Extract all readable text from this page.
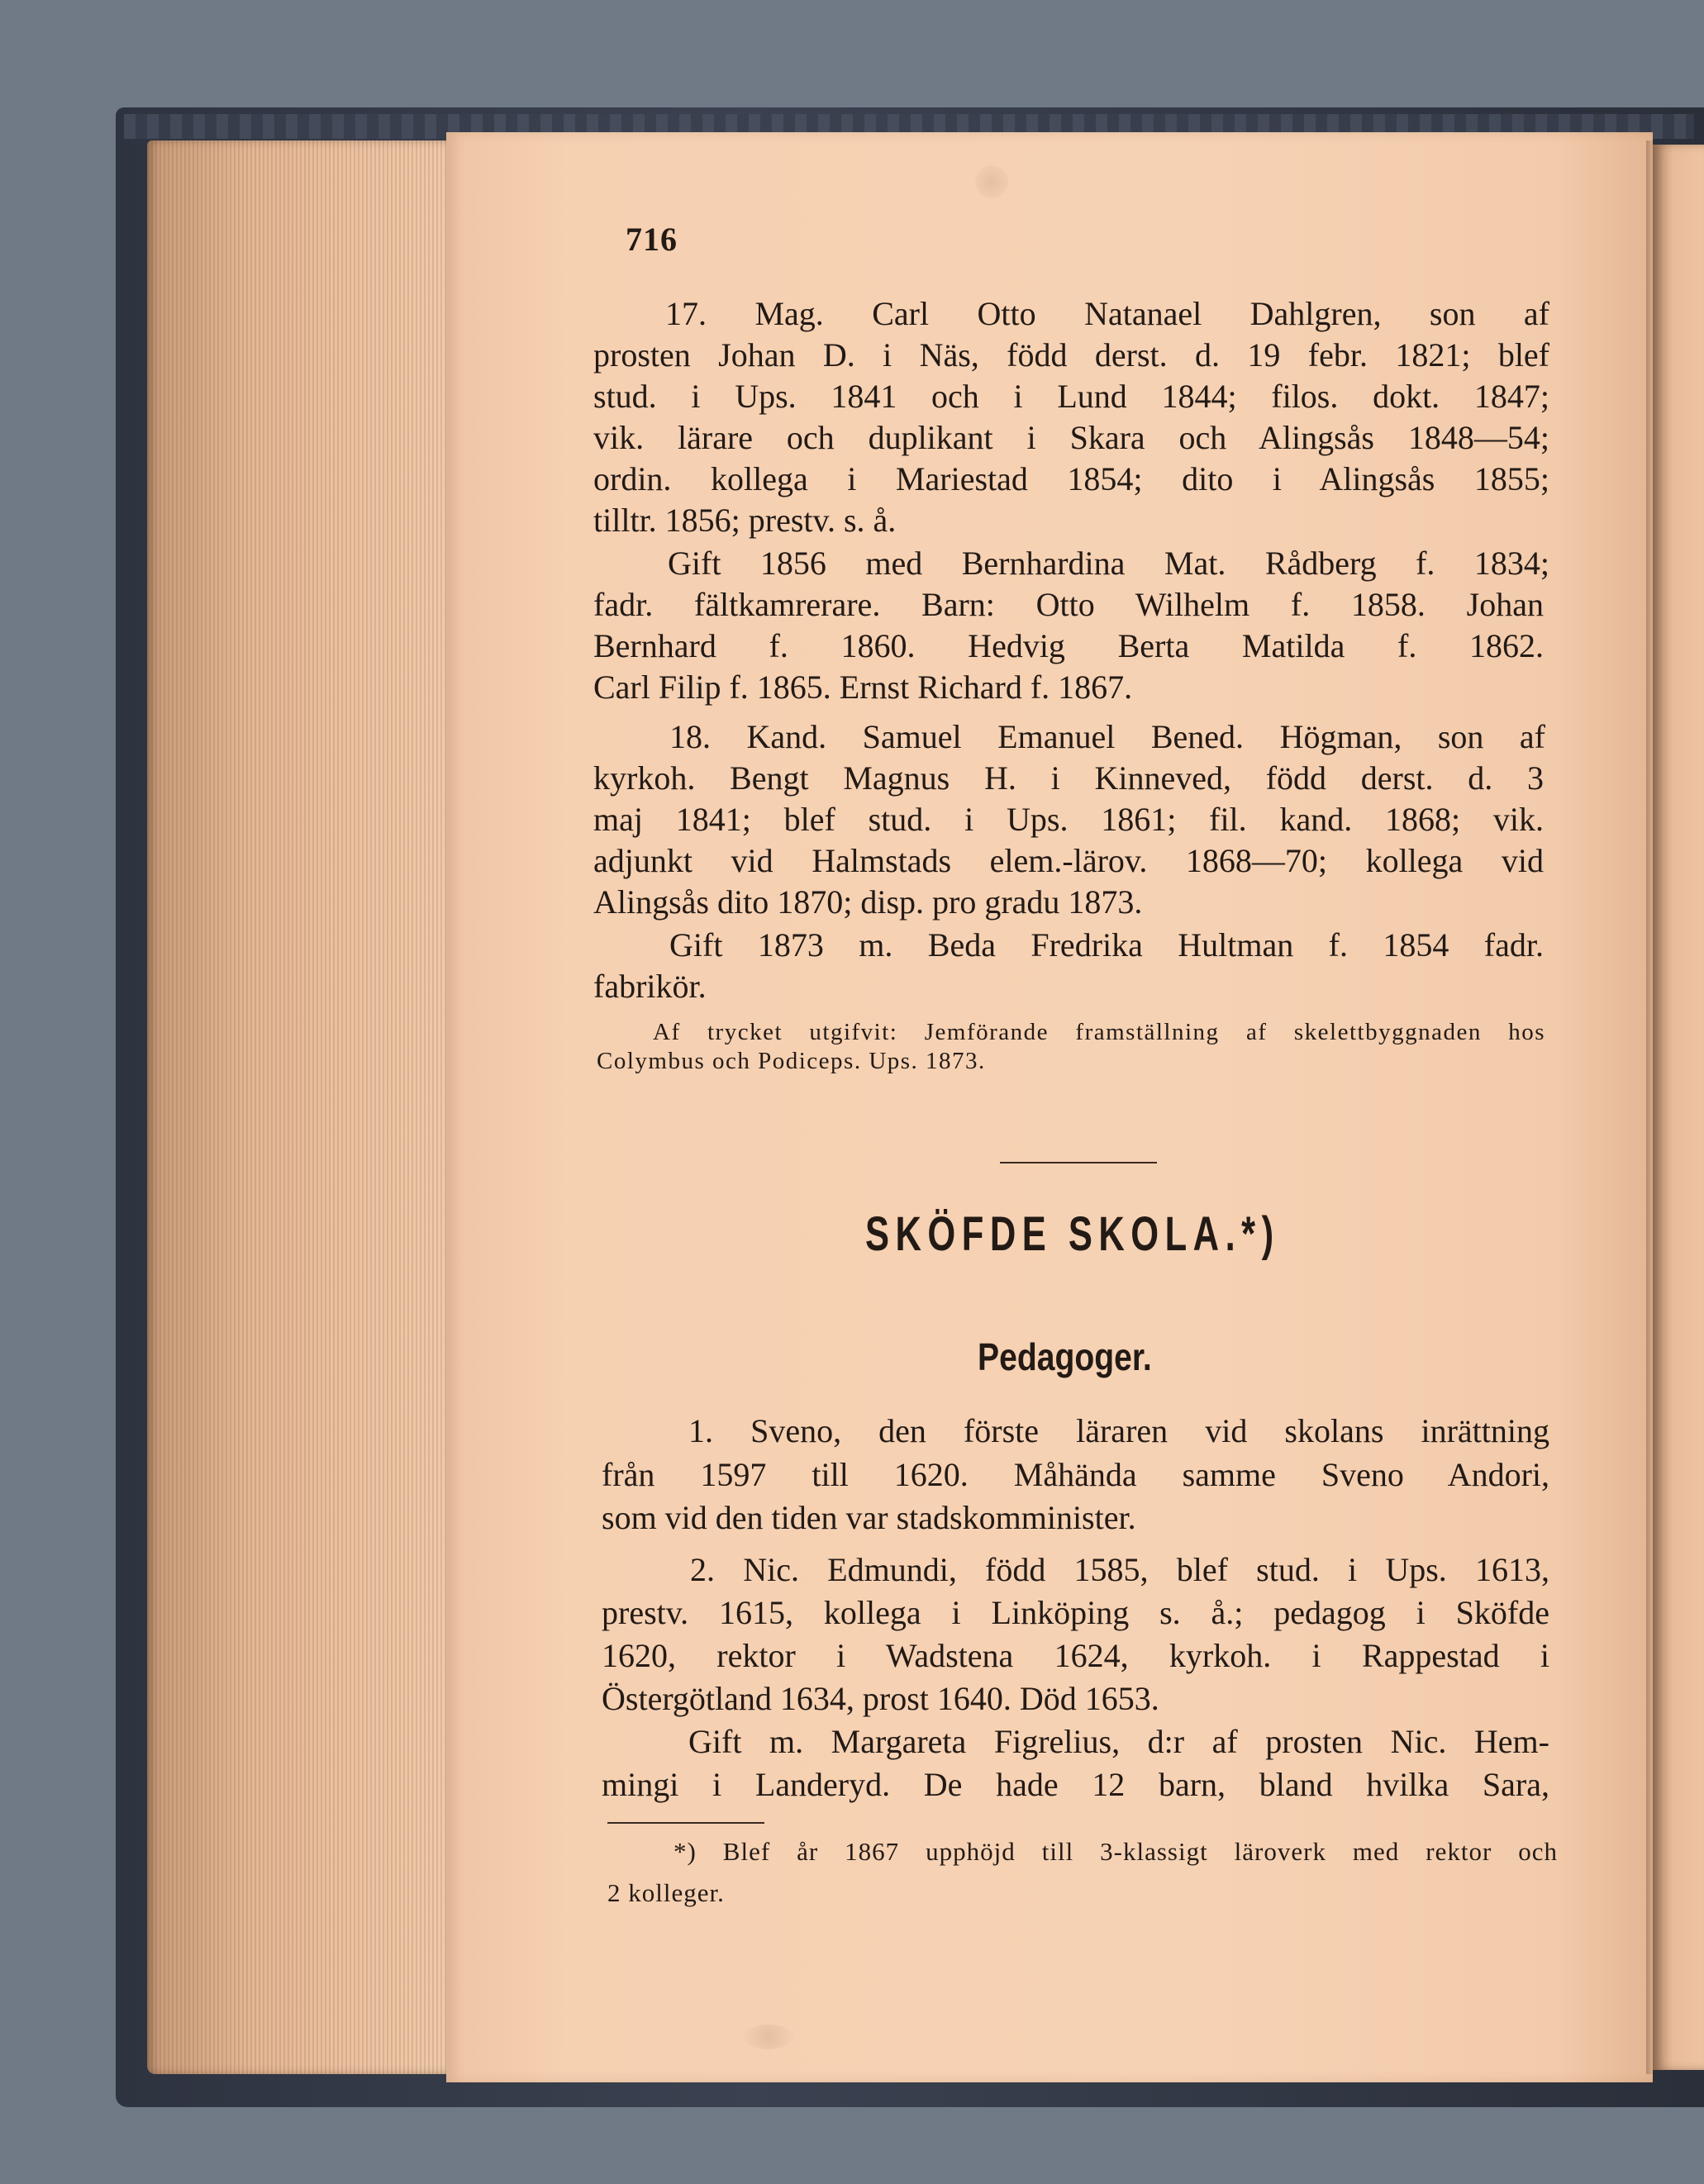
716
17. Mag. Carl Otto Natanael Dahlgren, son af
prosten Johan D. i Näs, född derst. d. 19 febr. 1821; blef
stud. i Ups. 1841 och i Lund 1844; filos. dokt. 1847;
vik. lärare och duplikant i Skara och Alingsås 1848—54;
ordin. kollega i Mariestad 1854; dito i Alingsås 1855;
tilltr. 1856; prestv. s. å.
Gift 1856 med Bernhardina Mat. Rådberg f. 1834;
fadr. fältkamrerare. Barn: Otto Wilhelm f. 1858. Johan
Bernhard f. 1860. Hedvig Berta Matilda f. 1862.
Carl Filip f. 1865. Ernst Richard f. 1867.
18. Kand. Samuel Emanuel Bened. Högman, son af
kyrkoh. Bengt Magnus H. i Kinneved, född derst. d. 3
maj 1841; blef stud. i Ups. 1861; fil. kand. 1868; vik.
adjunkt vid Halmstads elem.-lärov. 1868—70; kollega vid
Alingsås dito 1870; disp. pro gradu 1873.
Gift 1873 m. Beda Fredrika Hultman f. 1854 fadr.
fabrikör.
Af trycket utgifvit: Jemförande framställning af skelettbyggnaden hos
Colymbus och Podiceps. Ups. 1873.
SKÖFDE SKOLA.*)
Pedagoger.
1. Sveno, den förste läraren vid skolans inrättning
från 1597 till 1620. Måhända samme Sveno Andori,
som vid den tiden var stadskomminister.
2. Nic. Edmundi, född 1585, blef stud. i Ups. 1613,
prestv. 1615, kollega i Linköping s. å.; pedagog i Sköfde
1620, rektor i Wadstena 1624, kyrkoh. i Rappestad i
Östergötland 1634, prost 1640. Död 1653.
Gift m. Margareta Figrelius, d:r af prosten Nic. Hem-
mingi i Landeryd. De hade 12 barn, bland hvilka Sara,
*) Blef år 1867 upphöjd till 3-klassigt läroverk med rektor och
2 kolleger.
